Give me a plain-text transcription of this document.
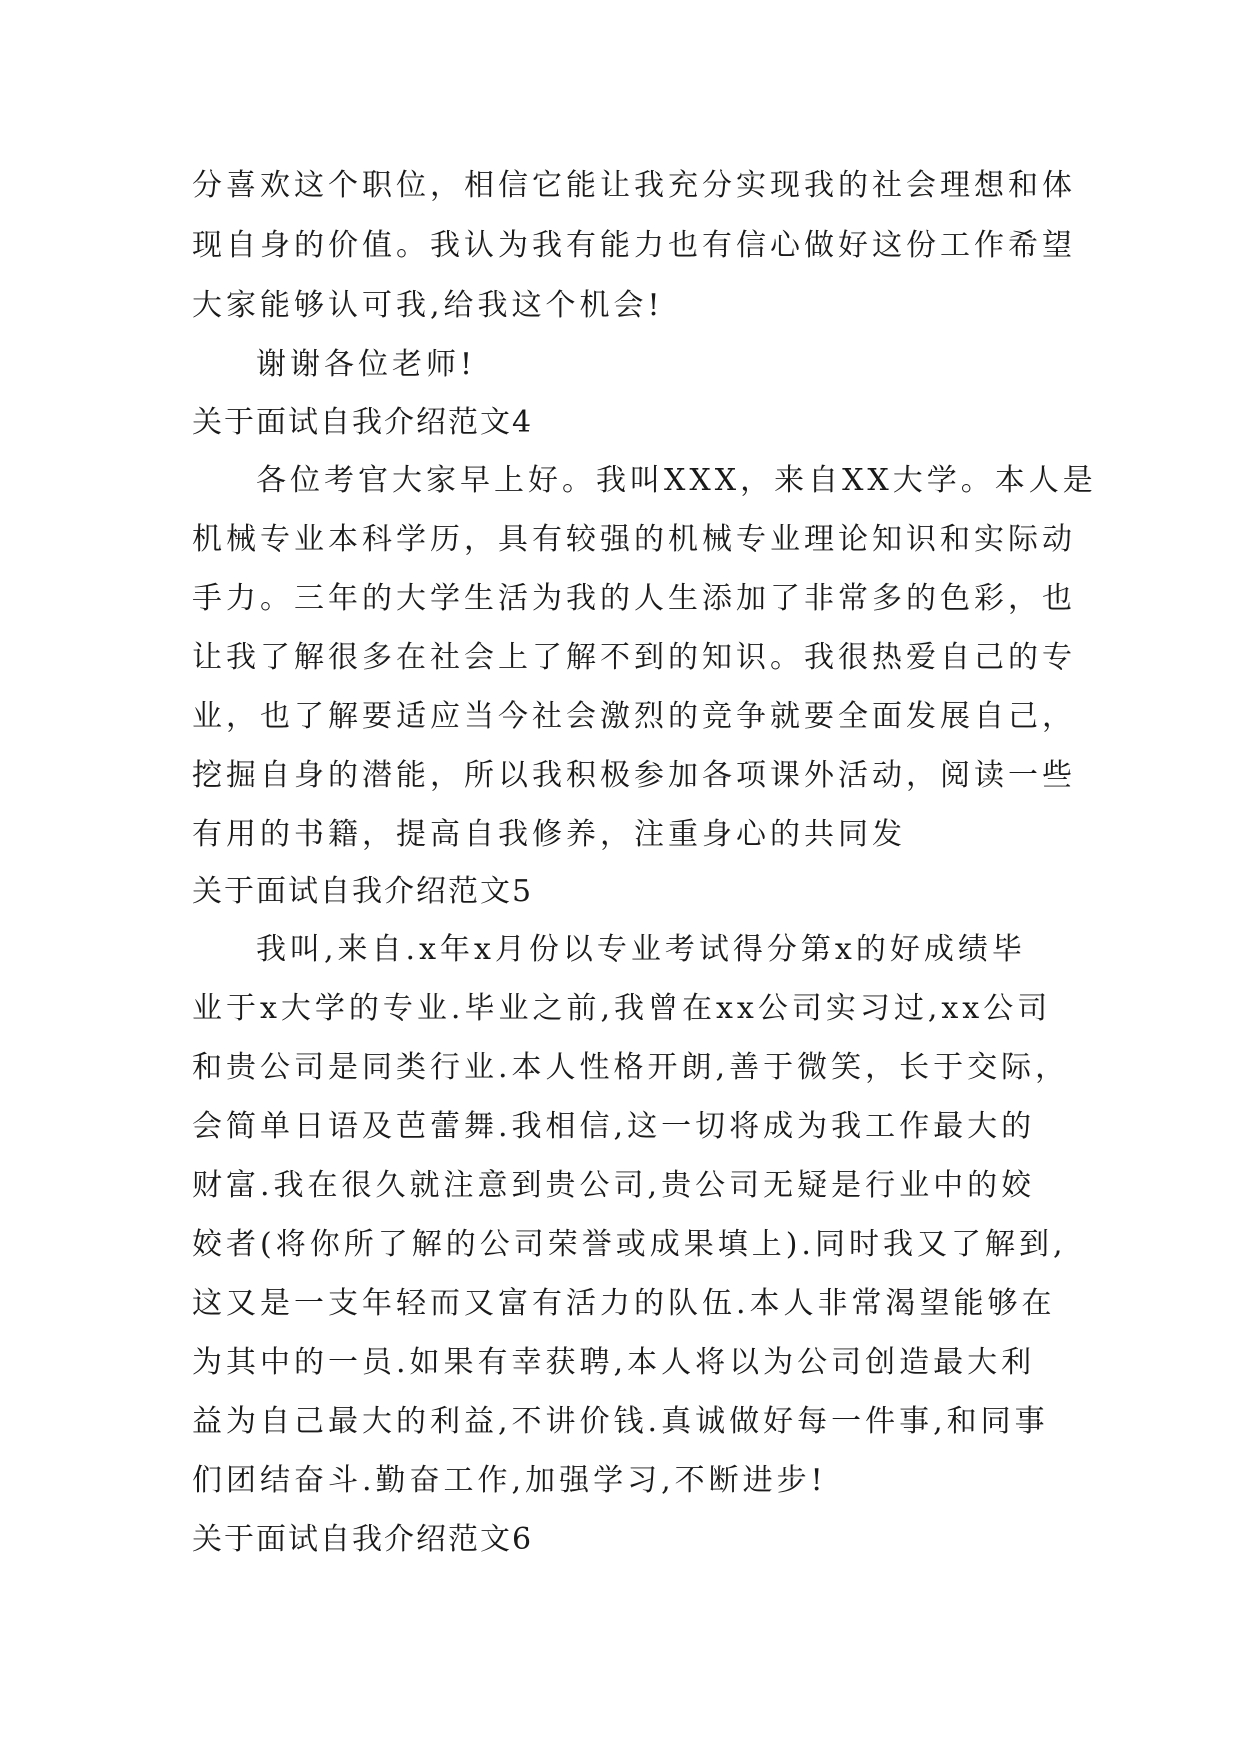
分喜欢这个职位，相信它能让我充分实现我的社会理想和体
现自身的价值。我认为我有能力也有信心做好这份工作希望
大家能够认可我,给我这个机会!
谢谢各位老师!
关于面试自我介绍范文4
各位考官大家早上好。我叫XXX，来自XX大学。本人是
机械专业本科学历，具有较强的机械专业理论知识和实际动
手力。三年的大学生活为我的人生添加了非常多的色彩，也
让我了解很多在社会上了解不到的知识。我很热爱自己的专
业，也了解要适应当今社会激烈的竞争就要全面发展自己，
挖掘自身的潜能，所以我积极参加各项课外活动，阅读一些
有用的书籍，提高自我修养，注重身心的共同发
关于面试自我介绍范文5
我叫,来自.x年x月份以专业考试得分第x的好成绩毕
业于x大学的专业.毕业之前,我曾在xx公司实习过,xx公司
和贵公司是同类行业.本人性格开朗,善于微笑，长于交际，
会简单日语及芭蕾舞.我相信,这一切将成为我工作最大的
财富.我在很久就注意到贵公司,贵公司无疑是行业中的姣
姣者(将你所了解的公司荣誉或成果填上).同时我又了解到,
这又是一支年轻而又富有活力的队伍.本人非常渴望能够在
为其中的一员.如果有幸获聘,本人将以为公司创造最大利
益为自己最大的利益,不讲价钱.真诚做好每一件事,和同事
们团结奋斗.勤奋工作,加强学习,不断进步!
关于面试自我介绍范文6
